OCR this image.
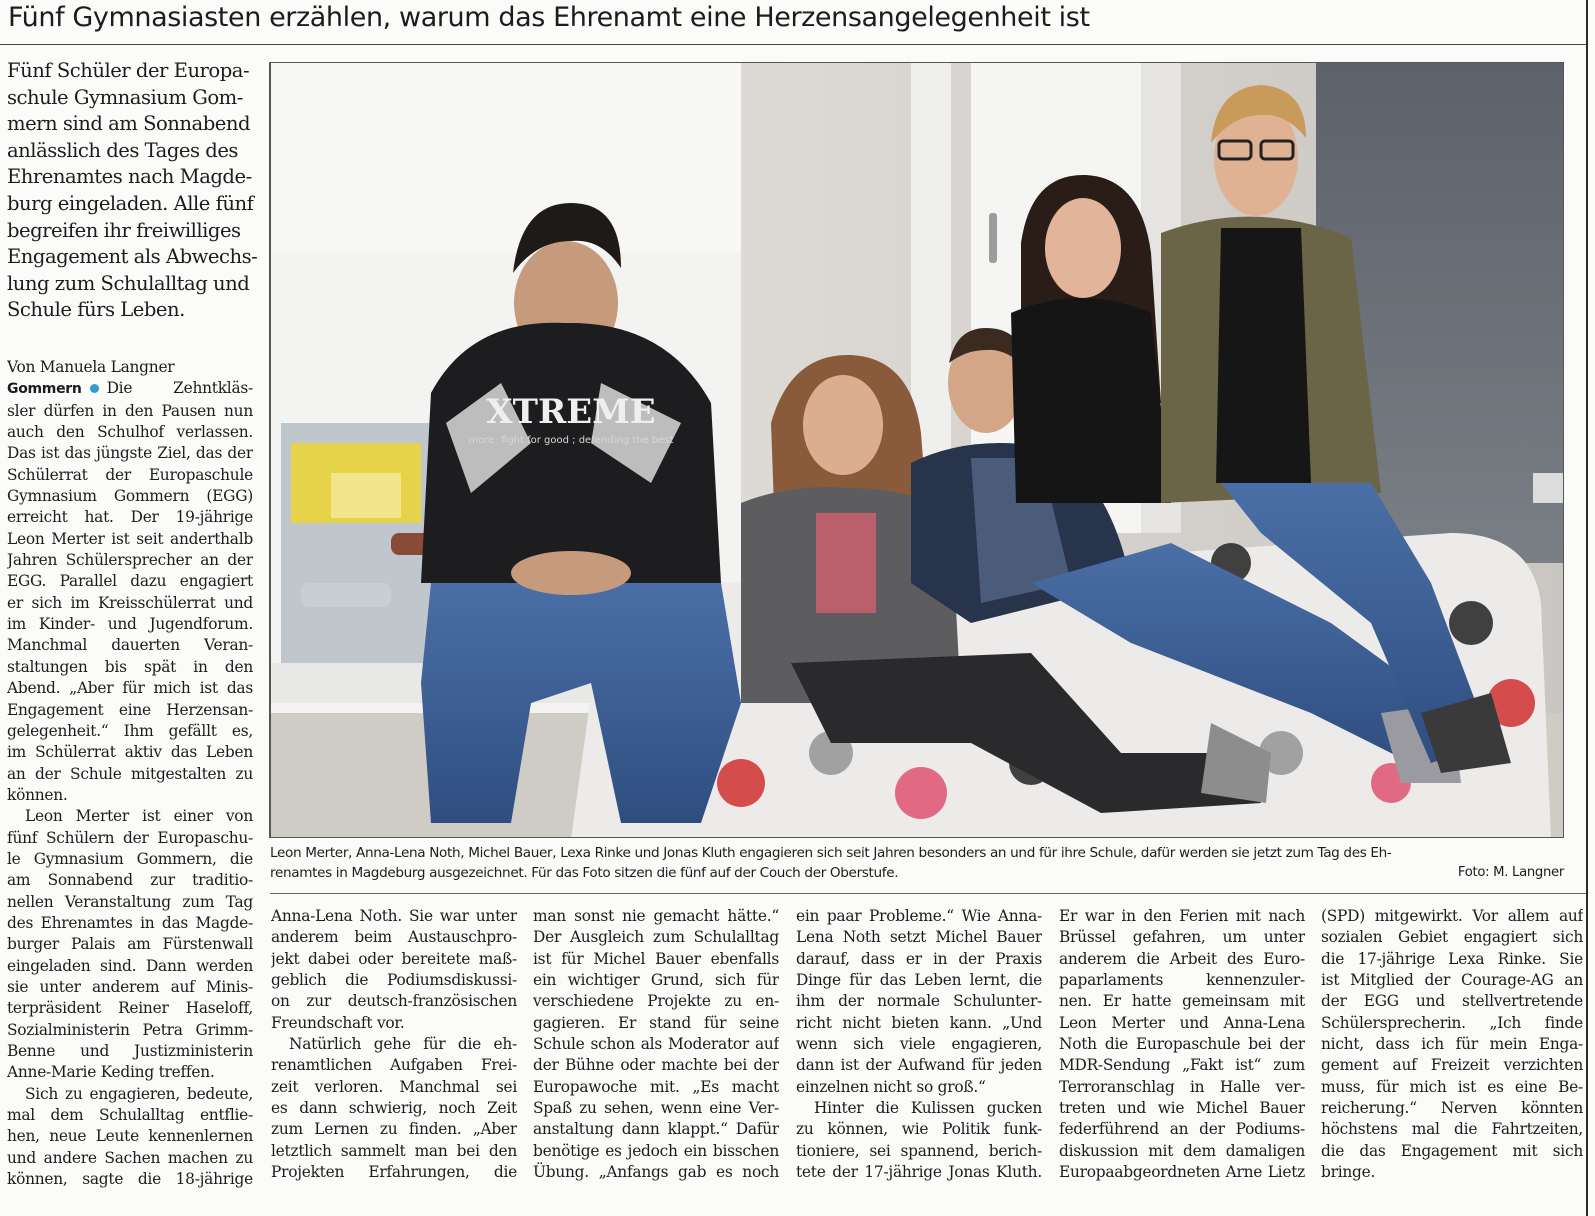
Fünf Gymnasiasten erzählen, warum das Ehrenamt eine Herzensangelegenheit ist
Fünf Schüler der Europa-
schule Gymnasium Gom-
mern sind am Sonnabend
anlässlich des Tages des
Ehrenamtes nach Magde-
burg eingeladen. Alle fünf
begreifen ihr freiwilliges
Engagement als Abwechs-
lung zum Schulalltag und
Schule fürs Leben.
Von Manuela Langner
Gommern Die Zehntkläs-
sler dürfen in den Pausen nun
auch den Schulhof verlassen.
Das ist das jüngste Ziel, das der
Schülerrat der Europaschule
Gymnasium Gommern (EGG)
erreicht hat. Der 19-jährige
Leon Merter ist seit anderthalb
Jahren Schülersprecher an der
EGG. Parallel dazu engagiert
er sich im Kreisschülerrat und
im Kinder- und Jugendforum.
Manchmal dauerten Veran-
staltungen bis spät in den
Abend. „Aber für mich ist das
Engagement eine Herzensan-
gelegenheit.“ Ihm gefällt es,
im Schülerrat aktiv das Leben
an der Schule mitgestalten zu
können.
Leon Merter ist einer von
fünf Schülern der Europaschu-
le Gymnasium Gommern, die
am Sonnabend zur traditio-
nellen Veranstaltung zum Tag
des Ehrenamtes in das Magde-
burger Palais am Fürstenwall
eingeladen sind. Dann werden
sie unter anderem auf Minis-
terpräsident Reiner Haseloff,
Sozialministerin Petra Grimm-
Benne und Justizministerin
Anne-Marie Keding treffen.
Sich zu engagieren, bedeute,
mal dem Schulalltag entflie-
hen, neue Leute kennenlernen
und andere Sachen machen zu
können, sagte die 18-jährige
XTREME
more: fight for good ; defending the best
Leon Merter, Anna-Lena Noth, Michel Bauer, Lexa Rinke und Jonas Kluth engagieren sich seit Jahren besonders an und für ihre Schule, dafür werden sie jetzt zum Tag des Eh-
renamtes in Magdeburg ausgezeichnet. Für das Foto sitzen die fünf auf der Couch der Oberstufe.	Foto: M. Langner
Anna-Lena Noth. Sie war unter
anderem beim Austauschpro-
jekt dabei oder bereitete maß-
geblich die Podiumsdiskussi-
on zur deutsch-französischen
Freundschaft vor.
Natürlich gehe für die eh-
renamtlichen Aufgaben Frei-
zeit verloren. Manchmal sei
es dann schwierig, noch Zeit
zum Lernen zu finden. „Aber
letztlich sammelt man bei den
Projekten Erfahrungen, die
man sonst nie gemacht hätte.“
Der Ausgleich zum Schulalltag
ist für Michel Bauer ebenfalls
ein wichtiger Grund, sich für
verschiedene Projekte zu en-
gagieren. Er stand für seine
Schule schon als Moderator auf
der Bühne oder machte bei der
Europawoche mit. „Es macht
Spaß zu sehen, wenn eine Ver-
anstaltung dann klappt.“ Dafür
benötige es jedoch ein bisschen
Übung. „Anfangs gab es noch
ein paar Probleme.“ Wie Anna-
Lena Noth setzt Michel Bauer
darauf, dass er in der Praxis
Dinge für das Leben lernt, die
ihm der normale Schulunter-
richt nicht bieten kann. „Und
wenn sich viele engagieren,
dann ist der Aufwand für jeden
einzelnen nicht so groß.“
Hinter die Kulissen gucken
zu können, wie Politik funk-
tioniere, sei spannend, berich-
tete der 17-jährige Jonas Kluth.
Er war in den Ferien mit nach
Brüssel gefahren, um unter
anderem die Arbeit des Euro-
paparlaments kennenzuler-
nen. Er hatte gemeinsam mit
Leon Merter und Anna-Lena
Noth die Europaschule bei der
MDR-Sendung „Fakt ist“ zum
Terroranschlag in Halle ver-
treten und wie Michel Bauer
federführend an der Podiums-
diskussion mit dem damaligen
Europaabgeordneten Arne Lietz
(SPD) mitgewirkt. Vor allem auf
sozialen Gebiet engagiert sich
die 17-jährige Lexa Rinke. Sie
ist Mitglied der Courage-AG an
der EGG und stellvertretende
Schülersprecherin. „Ich finde
nicht, dass ich für mein Enga-
gement auf Freizeit verzichten
muss, für mich ist es eine Be-
reicherung.“ Nerven könnten
höchstens mal die Fahrtzeiten,
die das Engagement mit sich
bringe.
